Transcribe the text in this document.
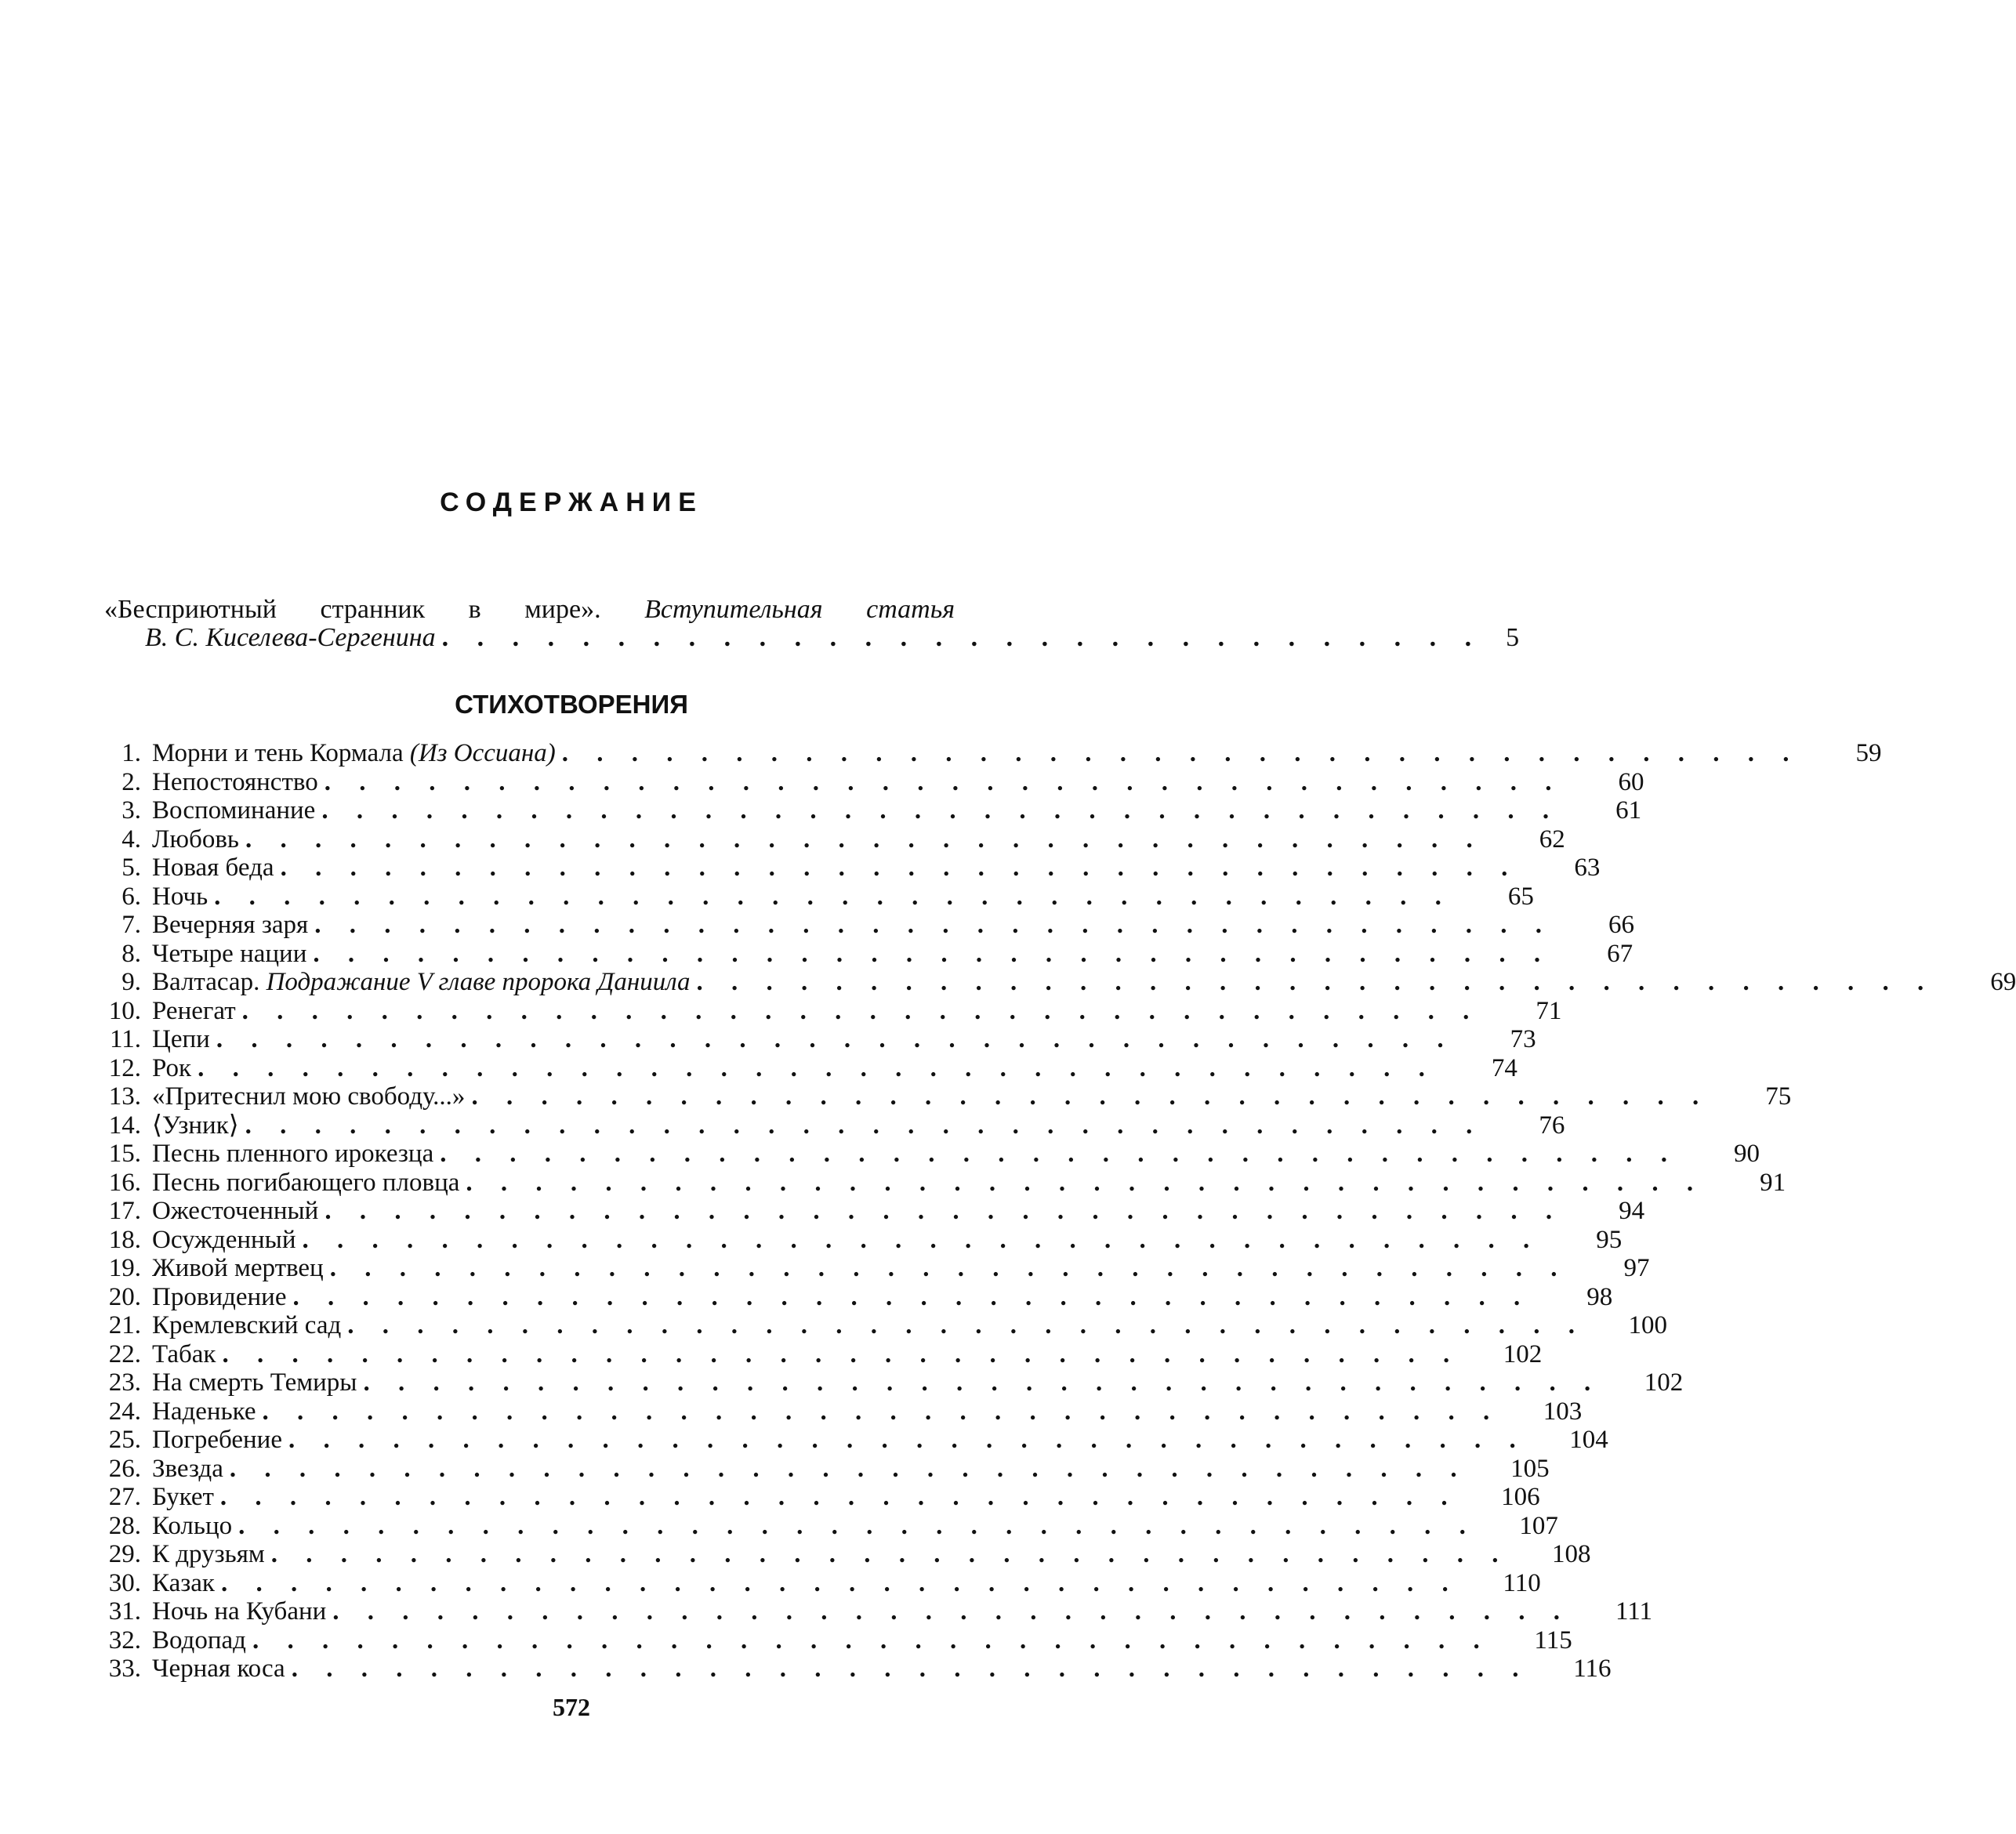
СОДЕРЖАНИЕ
«Бесприютный странник в мире». Вступительная статья
В. С. Киселева-Сергенина . . . . . . . . . . . . . . . . . . . . . . . . . . . . . . 5
СТИХОТВОРЕНИЯ
1. Морни и тень Кормала (Из Оссиана) . . . . . . . . . . . . . . . . . . . . . . . . . . . . . . . . . . . .	59
2. Непостоянство . . . . . . . . . . . . . . . . . . . . . . . . . . . . . . . . . . . .	60
3. Воспоминание . . . . . . . . . . . . . . . . . . . . . . . . . . . . . . . . . . . .	61
4. Любовь . . . . . . . . . . . . . . . . . . . . . . . . . . . . . . . . . . . .	62
5. Новая беда . . . . . . . . . . . . . . . . . . . . . . . . . . . . . . . . . . . .	63
6. Ночь . . . . . . . . . . . . . . . . . . . . . . . . . . . . . . . . . . . .	65
7. Вечерняя заря . . . . . . . . . . . . . . . . . . . . . . . . . . . . . . . . . . . .	66
8. Четыре нации . . . . . . . . . . . . . . . . . . . . . . . . . . . . . . . . . . . .	67
9. Валтасар. Подражание V главе пророка Даниила . . . . . . . . . . . . . . . . . . . . . . . . . . . . . . . . . . . .	69
10. Ренегат . . . . . . . . . . . . . . . . . . . . . . . . . . . . . . . . . . . .	71
11. Цепи . . . . . . . . . . . . . . . . . . . . . . . . . . . . . . . . . . . .	73
12. Рок . . . . . . . . . . . . . . . . . . . . . . . . . . . . . . . . . . . .	74
13. «Притеснил мою свободу...» . . . . . . . . . . . . . . . . . . . . . . . . . . . . . . . . . . . .	75
14. ⟨Узник⟩ . . . . . . . . . . . . . . . . . . . . . . . . . . . . . . . . . . . .	76
15. Песнь пленного ирокезца . . . . . . . . . . . . . . . . . . . . . . . . . . . . . . . . . . . .	90
16. Песнь погибающего пловца . . . . . . . . . . . . . . . . . . . . . . . . . . . . . . . . . . . .	91
17. Ожесточенный . . . . . . . . . . . . . . . . . . . . . . . . . . . . . . . . . . . .	94
18. Осужденный . . . . . . . . . . . . . . . . . . . . . . . . . . . . . . . . . . . .	95
19. Живой мертвец . . . . . . . . . . . . . . . . . . . . . . . . . . . . . . . . . . . .	97
20. Провидение . . . . . . . . . . . . . . . . . . . . . . . . . . . . . . . . . . . .	98
21. Кремлевский сад . . . . . . . . . . . . . . . . . . . . . . . . . . . . . . . . . . . .	100
22. Табак . . . . . . . . . . . . . . . . . . . . . . . . . . . . . . . . . . . .	102
23. На смерть Темиры . . . . . . . . . . . . . . . . . . . . . . . . . . . . . . . . . . . .	102
24. Наденьке . . . . . . . . . . . . . . . . . . . . . . . . . . . . . . . . . . . .	103
25. Погребение . . . . . . . . . . . . . . . . . . . . . . . . . . . . . . . . . . . .	104
26. Звезда . . . . . . . . . . . . . . . . . . . . . . . . . . . . . . . . . . . .	105
27. Букет . . . . . . . . . . . . . . . . . . . . . . . . . . . . . . . . . . . .	106
28. Кольцо . . . . . . . . . . . . . . . . . . . . . . . . . . . . . . . . . . . .	107
29. К друзьям . . . . . . . . . . . . . . . . . . . . . . . . . . . . . . . . . . . .	108
30. Казак . . . . . . . . . . . . . . . . . . . . . . . . . . . . . . . . . . . .	110
31. Ночь на Кубани . . . . . . . . . . . . . . . . . . . . . . . . . . . . . . . . . . . .	111
32. Водопад . . . . . . . . . . . . . . . . . . . . . . . . . . . . . . . . . . . .	115
33. Черная коса . . . . . . . . . . . . . . . . . . . . . . . . . . . . . . . . . . . .	116
572
